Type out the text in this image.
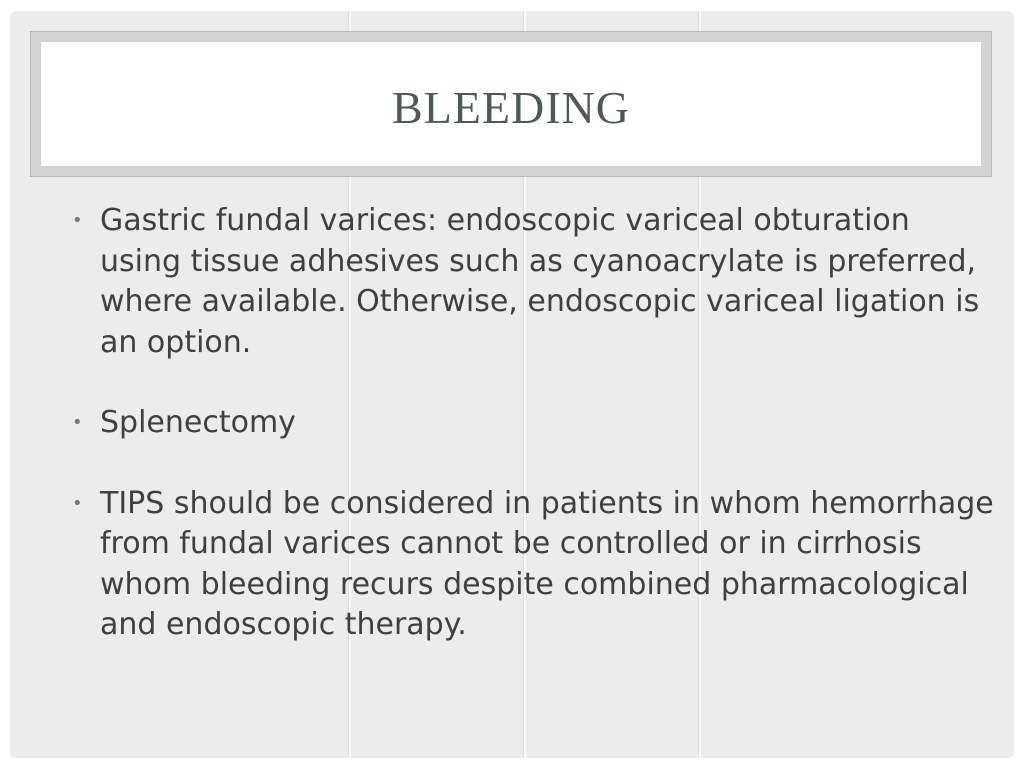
BLEEDING
• Gastric fundal varices: endoscopic variceal obturation using tissue adhesives such as cyanoacrylate is preferred, where available. Otherwise, endoscopic variceal ligation is an option.
• Splenectomy
• TIPS should be considered in patients in whom hemorrhage from fundal varices cannot be controlled or in cirrhosis whom bleeding recurs despite combined pharmacological and endoscopic therapy.
